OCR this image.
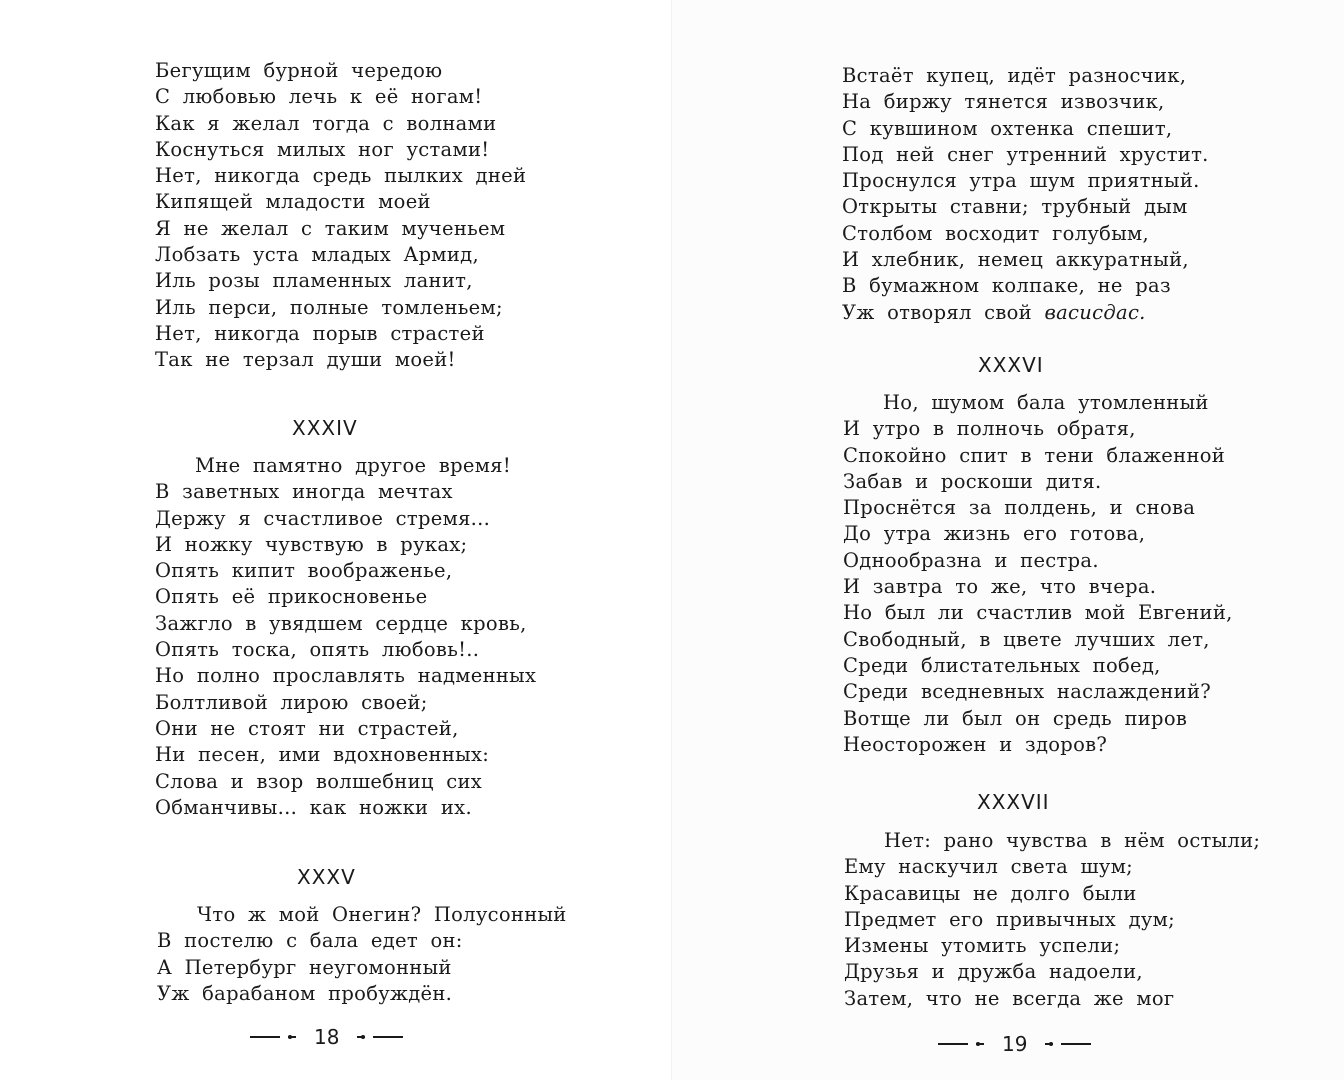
Бегущим бурной чередою
С любовью лечь к её ногам!
Как я желал тогда с волнами
Коснуться милых ног устами!
Нет, никогда средь пылких дней
Кипящей младости моей
Я не желал с таким мученьем
Лобзать уста младых Армид,
Иль розы пламенных ланит,
Иль перси, полные томленьем;
Нет, никогда порыв страстей
Так не терзал души моей!
XXXIV
Мне памятно другое время!
В заветных иногда мечтах
Держу я счастливое стремя...
И ножку чувствую в руках;
Опять кипит воображенье,
Опять её прикосновенье
Зажгло в увядшем сердце кровь,
Опять тоска, опять любовь!..
Но полно прославлять надменных
Болтливой лирою своей;
Они не стоят ни страстей,
Ни песен, ими вдохновенных:
Слова и взор волшебниц сих
Обманчивы... как ножки их.
XXXV
Что ж мой Онегин? Полусонный
В постелю с бала едет он:
А Петербург неугомонный
Уж барабаном пробуждён.
18
Встаёт купец, идёт разносчик,
На биржу тянется извозчик,
С кувшином охтенка спешит,
Под ней снег утренний хрустит.
Проснулся утра шум приятный.
Открыты ставни; трубный дым
Столбом восходит голубым,
И хлебник, немец аккуратный,
В бумажном колпаке, не раз
Уж отворял свой васисдас.
XXXVI
Но, шумом бала утомленный
И утро в полночь обратя,
Спокойно спит в тени блаженной
Забав и роскоши дитя.
Проснётся за полдень, и снова
До утра жизнь его готова,
Однообразна и пестра.
И завтра то же, что вчера.
Но был ли счастлив мой Евгений,
Свободный, в цвете лучших лет,
Среди блистательных побед,
Среди вседневных наслаждений?
Вотще ли был он средь пиров
Неосторожен и здоров?
XXXVII
Нет: рано чувства в нём остыли;
Ему наскучил света шум;
Красавицы не долго были
Предмет его привычных дум;
Измены утомить успели;
Друзья и дружба надоели,
Затем, что не всегда же мог
19
